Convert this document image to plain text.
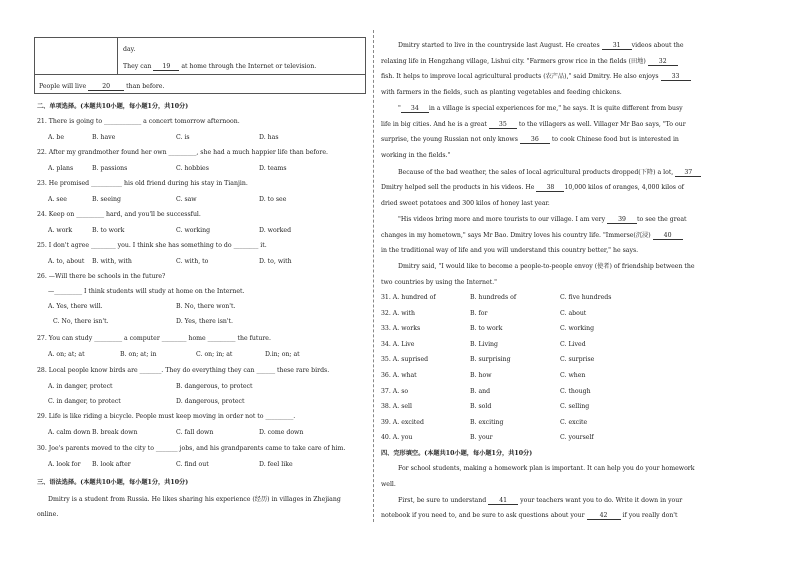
day.
They can 19 at home through the Internet or television.
People will live	20	than before.
二、单项选择。(本题共10小题，每小题1分，共10分)
21. There is going to ____________ a concert tomorrow afternoon.
A. be	B. have	C. is	D. has
22. After my grandmother found her own _________, she had a much happier life than before.
A. plans	B. passions	C. hobbies	D. teams
23. He promised __________ his old friend during his stay in Tianjin.
A. see	B. seeing	C. saw	D. to see
24. Keep on _________ hard, and you'll be successful.
A. work	B. to work	C. working	D. worked
25. I don't agree ________ you. I think she has something to do ________ it.
A. to, about B. with, with	C. with, to	D. to, with
26. —Will there be schools in the future?
—_________ I think students will study at home on the Internet.
A. Yes, there will.	B. No, there won't.
C. No, there isn't.	D. Yes, there isn't.
27. You can study _________ a computer ________ home _________ the future.
A. on; at; at	B. on; at; in	C. on; in; at	D.in; on; at
28. Local people know birds are _______. They do everything they can ______ these rare birds.
A. in danger, protect	B. dangerous, to protect
C. in danger, to protect	D. dangerous, protect
29. Life is like riding a bicycle. People must keep moving in order not to _________.
A. calm down B. break down	C. fall down	D. come down
30. Joe's parents moved to the city to _______ jobs, and his grandparents came to take care of him.
A. look for B. look after	C. find out	D. feel like
三、语法选择。(本题共10小题，每小题1分，共10分)
Dmitry is a student from Russia. He likes sharing his experience (经历) in villages in Zhejiang
online.
Dmitry started to live in the countryside last August. He creates 31 videos about the
relaxing life in Hengzhang village, Lishui city. "Farmers grow rice in the fields (田地) 32
fish. It helps to improve local agricultural products (农产品)," said Dmitry. He also enjoys 33
with farmers in the fields, such as planting vegetables and feeding chickens.
" 34 in a village is special experiences for me," he says. It is quite different from busy
life in big cities. And he is a great 35 to the villagers as well. Villager Mr Bao says, "To our
surprise, the young Russian not only knows 36 to cook Chinese food but is interested in
working in the fields."
Because of the bad weather, the sales of local agricultural products dropped(下降) a lot, 37
Dmitry helped sell the products in his videos. He 38 10,000 kilos of oranges, 4,000 kilos of
dried sweet potatoes and 300 kilos of honey last year.
"His videos bring more and more tourists to our village. I am very 39 to see the great
changes in my hometown," says Mr Bao. Dmitry loves his country life. "Immerse(沉浸) 40
in the traditional way of life and you will understand this country better," he says.
Dmitry said, "I would like to become a people-to-people envoy (使者) of friendship between the
two countries by using the Internet."
31. A. hundred of	B. hundreds of	C. five hundreds
32. A. with	B. for	C. about
33. A. works	B. to work	C. working
34. A. Live	B. Living	C. Lived
35. A. suprised	B. surprising	C. surprise
36. A. what	B. how	C. when
37. A. so	B. and	C. though
38. A. sell	B. sold	C. selling
39. A. excited	B. exciting	C. excite
40. A. you	B. your	C. yourself
四、完形填空。(本题共10小题，每小题1分，共10分)
For school students, making a homework plan is important. It can help you do your homework
well.
First, be sure to understand 41 your teachers want you to do. Write it down in your
notebook if you need to, and be sure to ask questions about your 42 if you really don't
